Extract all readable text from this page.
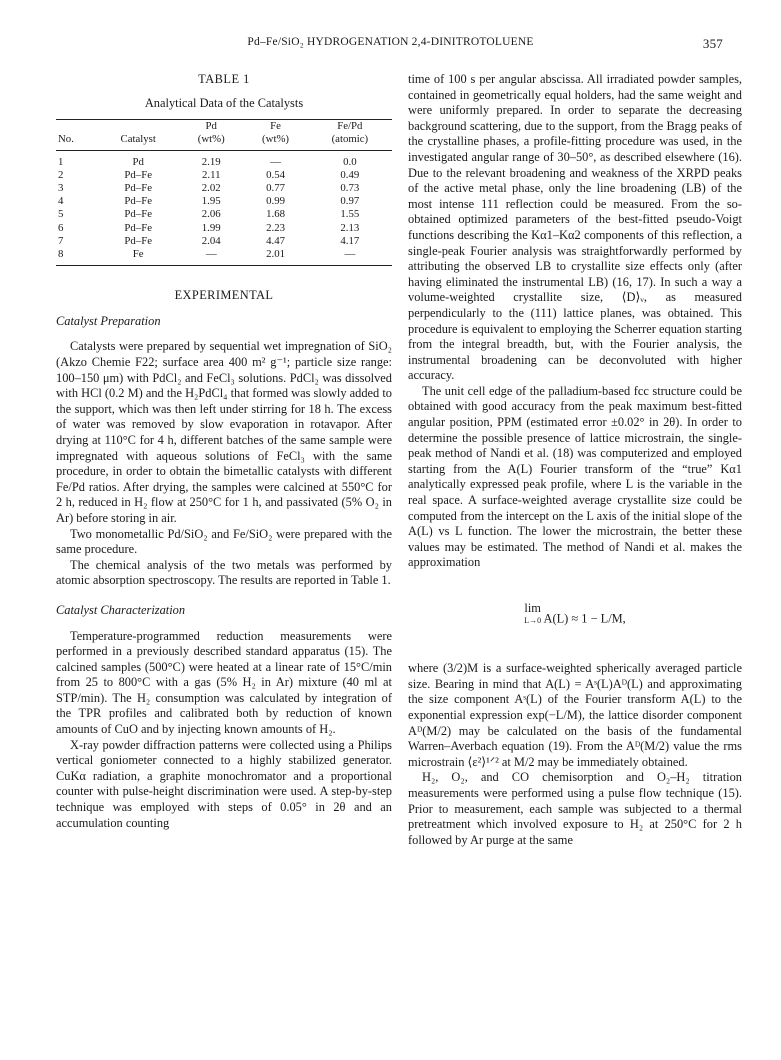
Pd–Fe/SiO₂ HYDROGENATION 2,4-DINITROTOLUENE	357

TABLE 1

Analytical Data of the Catalysts

		Pd	Fe	Fe/Pd
No.	Catalyst	(wt%)	(wt%)	(atomic)
1	Pd	2.19	—	0.0
2	Pd–Fe	2.11	0.54	0.49
3	Pd–Fe	2.02	0.77	0.73
4	Pd–Fe	1.95	0.99	0.97
5	Pd–Fe	2.06	1.68	1.55
6	Pd–Fe	1.99	2.23	2.13
7	Pd–Fe	2.04	4.47	4.17
8	Fe	—	2.01	—

EXPERIMENTAL

Catalyst Preparation

Catalysts were prepared by sequential wet impregnation of SiO₂ (Akzo Chemie F22; surface area 400 m² g⁻¹; particle size range: 100–150 μm) with PdCl₂ and FeCl₃ solutions. PdCl₂ was dissolved with HCl (0.2 M) and the H₂PdCl₄ that formed was slowly added to the support, which was then left under stirring for 18 h. The excess of water was removed by slow evaporation in rotavapor. After drying at 110°C for 4 h, different batches of the same sample were impregnated with aqueous solutions of FeCl₃ with the same procedure, in order to obtain the bimetallic catalysts with different Fe/Pd ratios. After drying, the samples were calcined at 550°C for 2 h, reduced in H₂ flow at 250°C for 1 h, and passivated (5% O₂ in Ar) before storing in air.

Two monometallic Pd/SiO₂ and Fe/SiO₂ were prepared with the same procedure.

The chemical analysis of the two metals was performed by atomic absorption spectroscopy. The results are reported in Table 1.

Catalyst Characterization

Temperature-programmed reduction measurements were performed in a previously described standard apparatus (15). The calcined samples (500°C) were heated at a linear rate of 15°C/min from 25 to 800°C with a gas (5% H₂ in Ar) mixture (40 ml at STP/min). The H₂ consumption was calculated by integration of the TPR profiles and calibrated both by reduction of known amounts of CuO and by injecting known amounts of H₂.

X-ray powder diffraction patterns were collected using a Philips vertical goniometer connected to a highly stabilized generator. CuKα radiation, a graphite monochromator and a proportional counter with pulse-height discrimination were used. A step-by-step technique was employed with steps of 0.05° in 2θ and an accumulation counting

time of 100 s per angular abscissa. All irradiated powder samples, contained in geometrically equal holders, had the same weight and were uniformly prepared. In order to separate the decreasing background scattering, due to the support, from the Bragg peaks of the crystalline phases, a profile-fitting procedure was used, in the investigated angular range of 30–50°, as described elsewhere (16). Due to the relevant broadening and weakness of the XRPD peaks of the active metal phase, only the line broadening (LB) of the most intense 111 reflection could be measured. From the so-obtained optimized parameters of the best-fitted pseudo-Voigt functions describing the Kα1–Kα2 components of this reflection, a single-peak Fourier analysis was straightforwardly performed by attributing the observed LB to crystallite size effects only (after having eliminated the instrumental LB) (16, 17). In such a way a volume-weighted crystallite size, ⟨D⟩ᵥ, as measured perpendicularly to the (111) lattice planes, was obtained. This procedure is equivalent to employing the Scherrer equation starting from the integral breadth, but, with the Fourier analysis, the instrumental broadening can be deconvoluted with higher accuracy.

The unit cell edge of the palladium-based fcc structure could be obtained with good accuracy from the peak maximum best-fitted angular position, PPM (estimated error ±0.02° in 2θ). In order to determine the possible presence of lattice microstrain, the single-peak method of Nandi et al. (18) was computerized and employed starting from the A(L) Fourier transform of the “true” Kα1 analytically expressed peak profile, where L is the variable in the real space. A surface-weighted average crystallite size could be computed from the intercept on the L axis of the initial slope of the A(L) vs L function. The lower the microstrain, the better these values may be estimated. The method of Nandi et al. makes the approximation

lim
L→0 A(L) ≈ 1 − L/M,

where (3/2)M is a surface-weighted spherically averaged particle size. Bearing in mind that A(L) = Aˢ(L)Aᴰ(L) and approximating the size component Aˢ(L) of the Fourier transform A(L) to the exponential expression exp(−L/M), the lattice disorder component Aᴰ(M/2) may be calculated on the basis of the fundamental Warren–Averbach equation (19). From the Aᴰ(M/2) value the rms microstrain ⟨ε²⟩¹ᐟ² at M/2 may be immediately obtained.

H₂, O₂, and CO chemisorption and O₂–H₂ titration measurements were performed using a pulse flow technique (15). Prior to measurement, each sample was subjected to a thermal pretreatment which involved exposure to H₂ at 250°C for 2 h followed by Ar purge at the same
